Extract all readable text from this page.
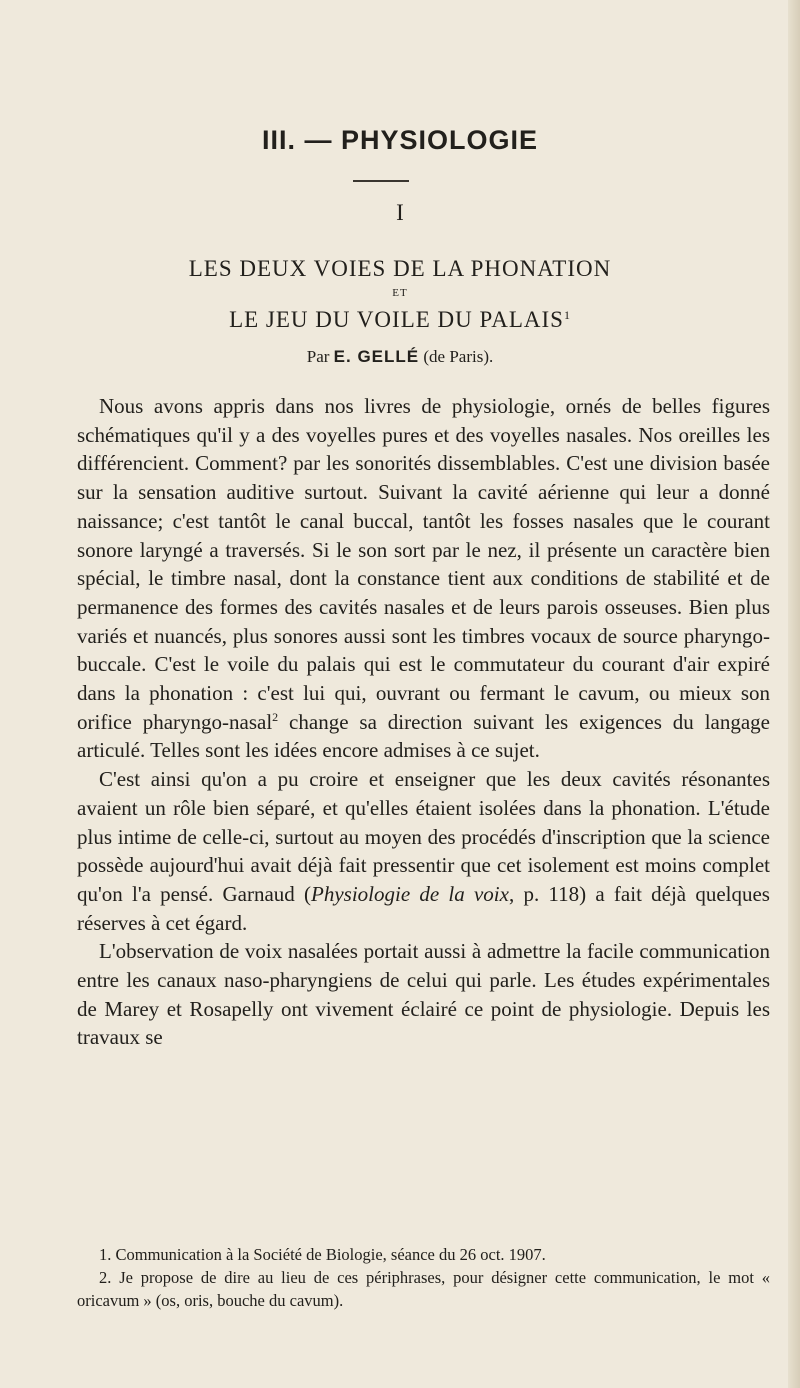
III. — PHYSIOLOGIE
I
LES DEUX VOIES DE LA PHONATION
ET
LE JEU DU VOILE DU PALAIS$^1$
Par E. GELLÉ (de Paris).

Nous avons appris dans nos livres de physiologie, ornés de belles figures schématiques qu'il y a des voyelles pures et des voyelles nasales. Nos oreilles les différencient. Comment? par les sonorités dissemblables. C'est une division basée sur la sensation auditive surtout. Suivant la cavité aérienne qui leur a donné naissance; c'est tantôt le canal buccal, tantôt les fosses nasales que le courant sonore laryngé a traversés. Si le son sort par le nez, il présente un caractère bien spécial, le timbre nasal, dont la constance tient aux conditions de stabilité et de permanence des formes des cavités nasales et de leurs parois osseuses. Bien plus variés et nuancés, plus sonores aussi sont les timbres vocaux de source pharyngo-buccale. C'est le voile du palais qui est le commutateur du courant d'air expiré dans la phonation : c'est lui qui, ouvrant ou fermant le cavum, ou mieux son orifice pharyngo-nasal$^2$ change sa direction suivant les exigences du langage articulé. Telles sont les idées encore admises à ce sujet.

C'est ainsi qu'on a pu croire et enseigner que les deux cavités résonantes avaient un rôle bien séparé, et qu'elles étaient isolées dans la phonation. L'étude plus intime de celle-ci, surtout au moyen des procédés d'inscription que la science possède aujourd'hui avait déjà fait pressentir que cet isolement est moins complet qu'on l'a pensé. Garnaud (Physiologie de la voix, p. 118) a fait déjà quelques réserves à cet égard.

L'observation de voix nasalées portait aussi à admettre la facile communication entre les canaux naso-pharyngiens de celui qui parle. Les études expérimentales de Marey et Rosapelly ont vivement éclairé ce point de physiologie. Depuis les travaux se

1. Communication à la Société de Biologie, séance du 26 oct. 1907.

2. Je propose de dire au lieu de ces périphrases, pour désigner cette communication, le mot « oricavum » (os, oris, bouche du cavum).
